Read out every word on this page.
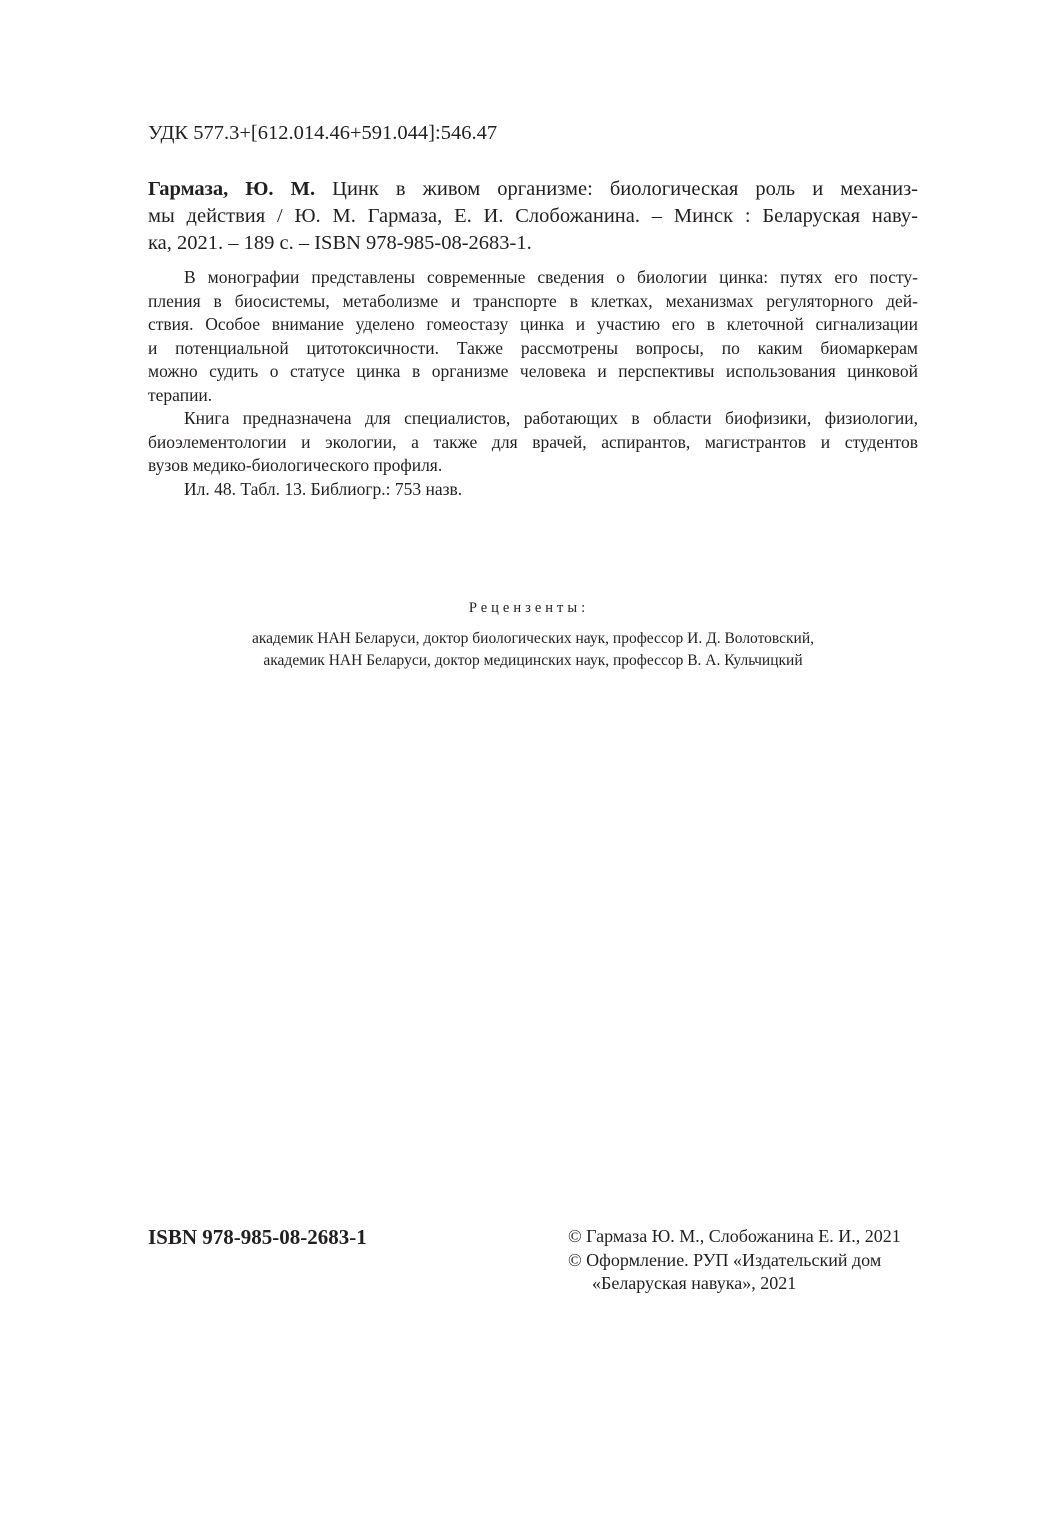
УДК 577.3+[612.014.46+591.044]:546.47
Гармаза, Ю. М. Цинк в живом организме: биологическая роль и механиз-
мы действия / Ю. М. Гармаза, Е. И. Слобожанина. – Минск : Беларуская наву-
ка, 2021. – 189 с. – ISBN 978-985-08-2683-1.
В монографии представлены современные сведения о биологии цинка: путях его посту-
пления в биосистемы, метаболизме и транспорте в клетках, механизмах регуляторного дей-
ствия. Особое внимание уделено гомеостазу цинка и участию его в клеточной сигнализации
и потенциальной цитотоксичности. Также рассмотрены вопросы, по каким биомаркерам
можно судить о статусе цинка в организме человека и перспективы использования цинковой
терапии.
Книга предназначена для специалистов, работающих в области биофизики, физиологии,
биоэлементологии и экологии, а также для врачей, аспирантов, магистрантов и студентов
вузов медико-биологического профиля.
Ил. 48. Табл. 13. Библиогр.: 753 назв.
Рецензенты:
академик НАН Беларуси, доктор биологических наук, профессор И. Д. Волотовский,
академик НАН Беларуси, доктор медицинских наук, профессор В. А. Кульчицкий
ISBN 978-985-08-2683-1	© Гармаза Ю. М., Слобожанина Е. И., 2021
© Оформление. РУП «Издательский дом
«Беларуская навука», 2021
